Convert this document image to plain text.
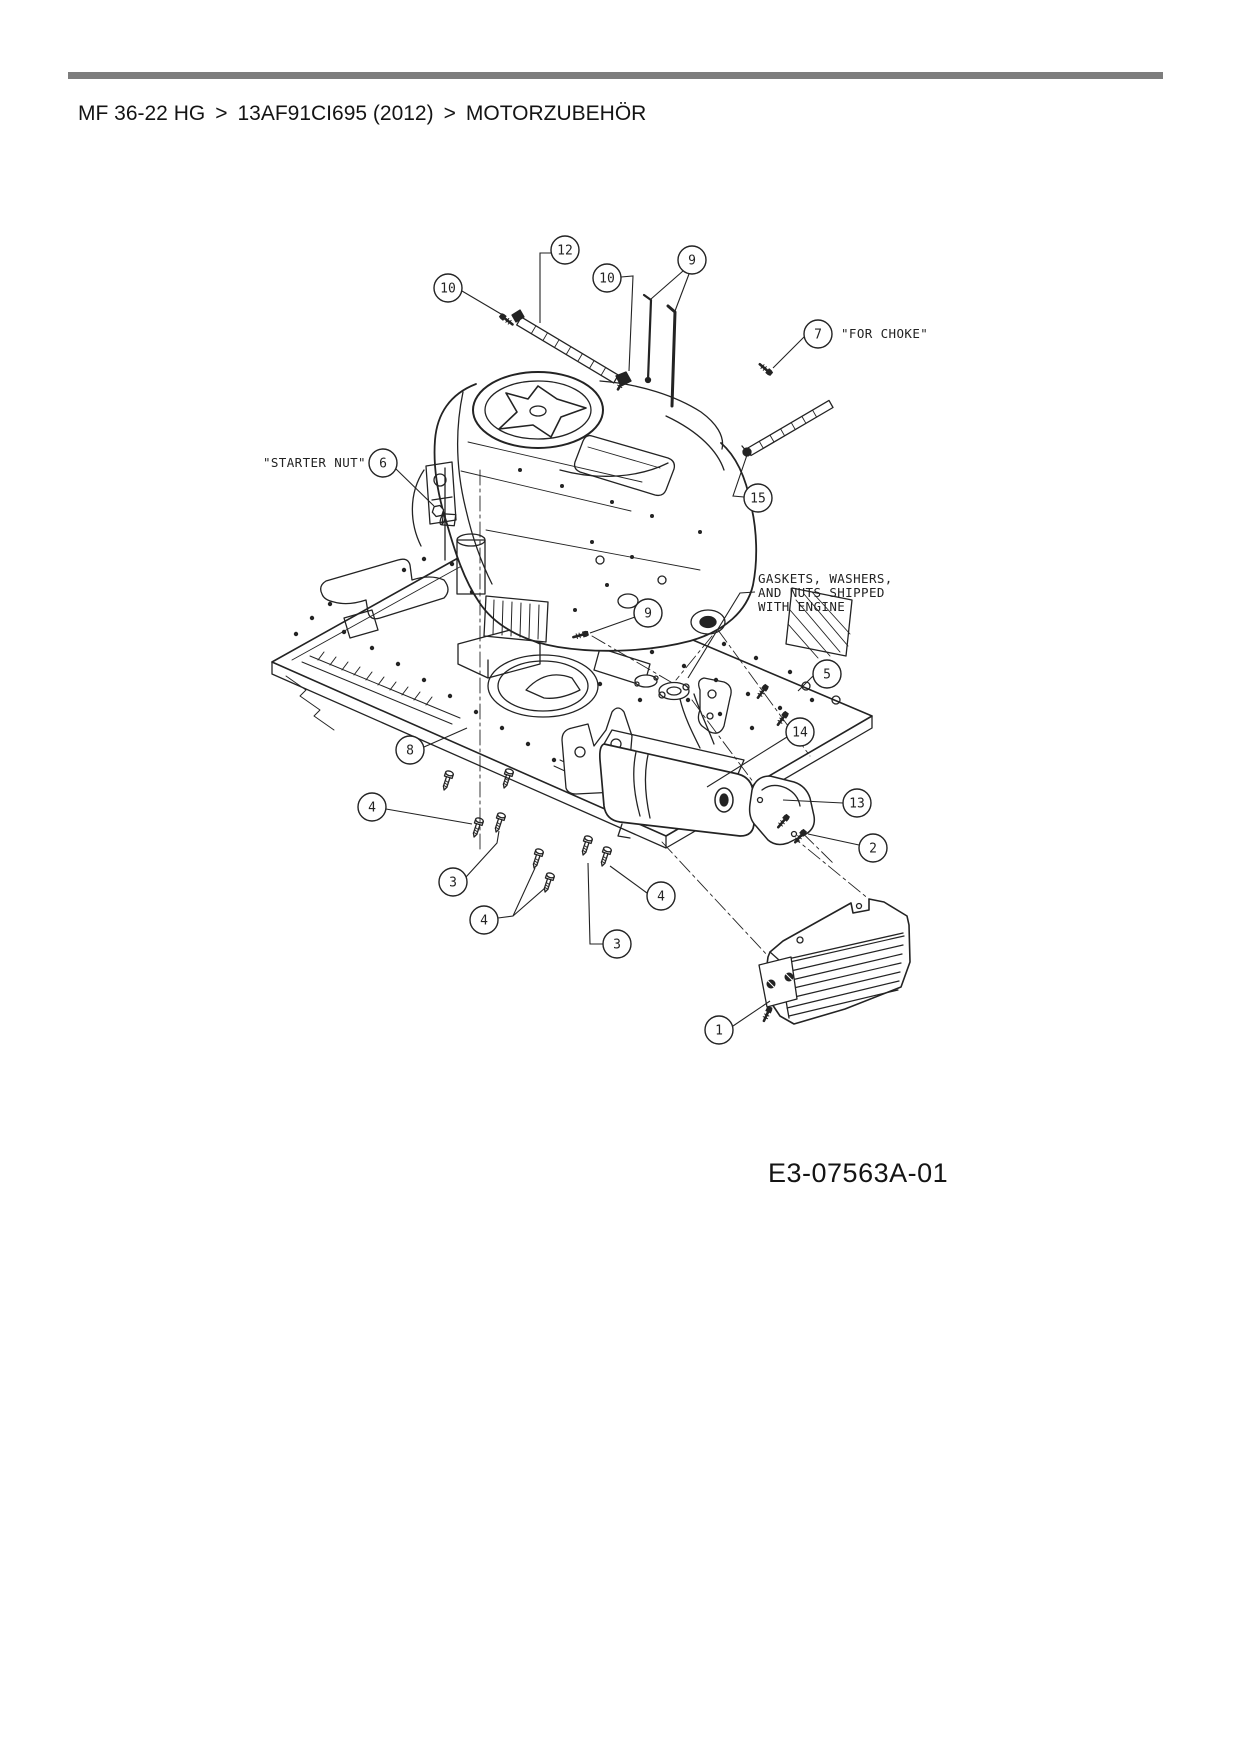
MF 36-22 HG > 13AF91CI695 (2012) > MOTORZUBEHÖR
"STARTER NUT"
"FOR CHOKE"
GASKETS, WASHERS,
AND NUTS SHIPPED
WITH ENGINE
12
10
10
9
7
6
15
9
5
8
14
13
2
4
3
4
4
3
1
E3-07563A-01
